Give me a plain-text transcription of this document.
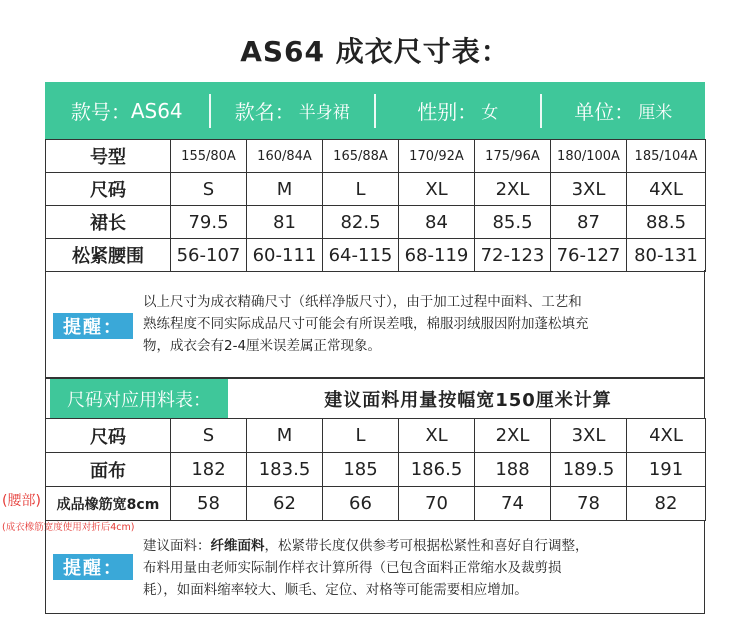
AS64 成衣尺寸表：
款号： AS64	款名： 半身裙	性别： 女	单位： 厘米
号型	155/80A	160/84A	165/88A	170/92A	175/96A	180/100A	185/104A
尺码	S	M	L	XL	2XL	3XL	4XL
裙长	79.5	81	82.5	84	85.5	87	88.5
松紧腰围	56-107	60-111	64-115	68-119	72-123	76-127	80-131
提醒：
以上尺寸为成衣精确尺寸（纸样净版尺寸），由于加工过程中面料、工艺和
熟练程度不同实际成品尺寸可能会有所误差哦，棉服羽绒服因附加蓬松填充
物，成衣会有2-4厘米误差属正常现象。
尺码对应用料表：	建议面料用量按幅宽150厘米计算
尺码	S	M	L	XL	2XL	3XL	4XL
面布	182	183.5	185	186.5	188	189.5	191
成品橡筋宽8cm	58	62	66	70	74	78	82
(腰部)
(成衣橡筋宽度使用对折后4cm)
提醒：
建议面料：纤维面料，松紧带长度仅供参考可根据松紧性和喜好自行调整，
布料用量由老师实际制作样衣计算所得（已包含面料正常缩水及裁剪损
耗），如面料缩率较大、顺毛、定位、对格等可能需要相应增加。
